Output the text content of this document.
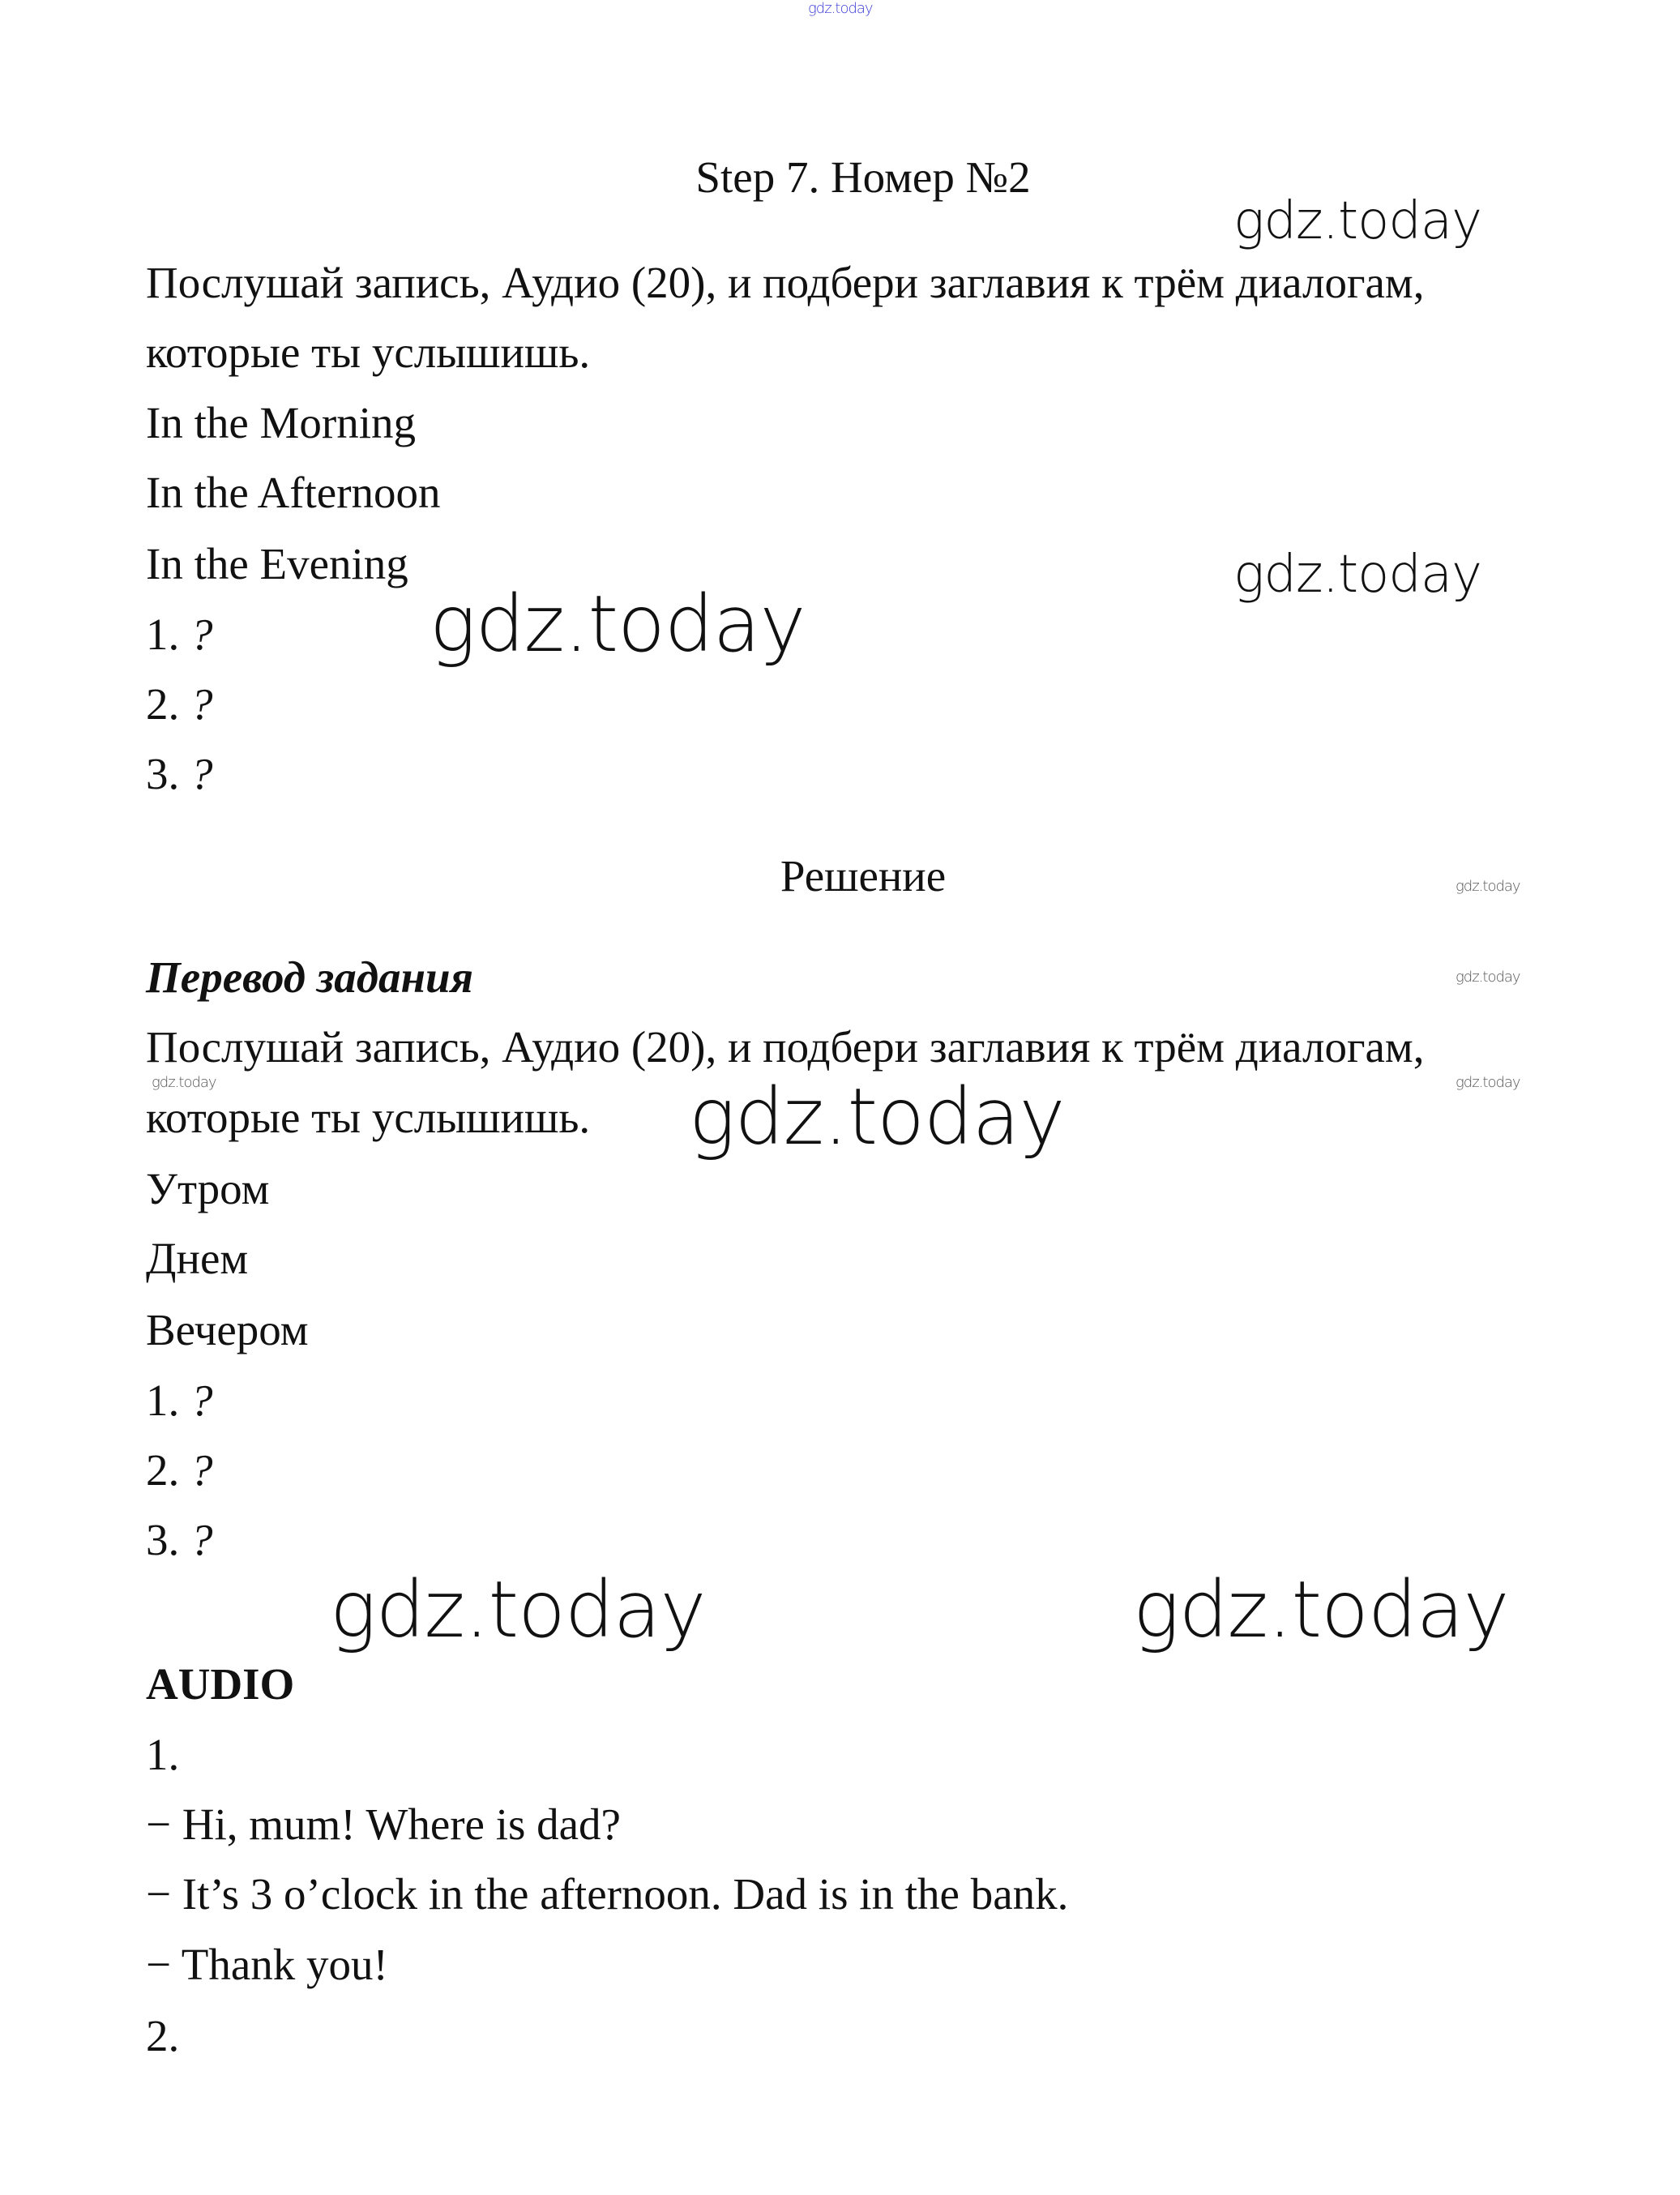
gdz.today
Step 7. Номер №2
Послушай запись, Аудио (20), и подбери заглавия к трём диалогам,
которые ты услышишь.
In the Morning
In the Afternoon
In the Evening
1. ?
2. ?
3. ?
Решение
Перевод задания
Послушай запись, Аудио (20), и подбери заглавия к трём диалогам,
которые ты услышишь.
Утром
Днем
Вечером
1. ?
2. ?
3. ?
AUDIO
1.
− Hi, mum! Where is dad?
− It’s 3 o’clock in the afternoon. Dad is in the bank.
− Thank you!
2.
gdz.today
gdz.today
gdz.today
gdz.today
gdz.today
gdz.today
gdz.today	gdz.today
gdz.today	gdz.today
